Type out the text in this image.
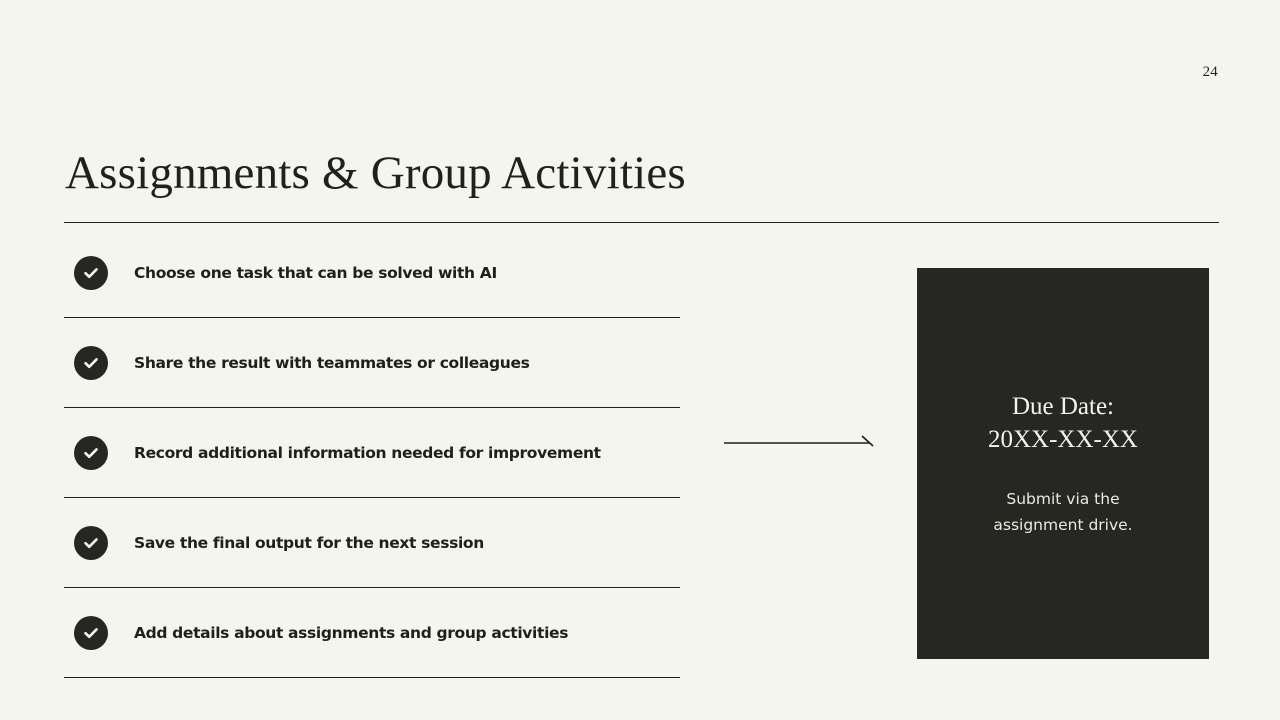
24
Assignments & Group Activities
Choose one task that can be solved with AI
Share the result with teammates or colleagues
Record additional information needed for improvement
Save the final output for the next session
Add details about assignments and group activities
Due Date:
20XX-XX-XX
Submit via the assignment drive.
